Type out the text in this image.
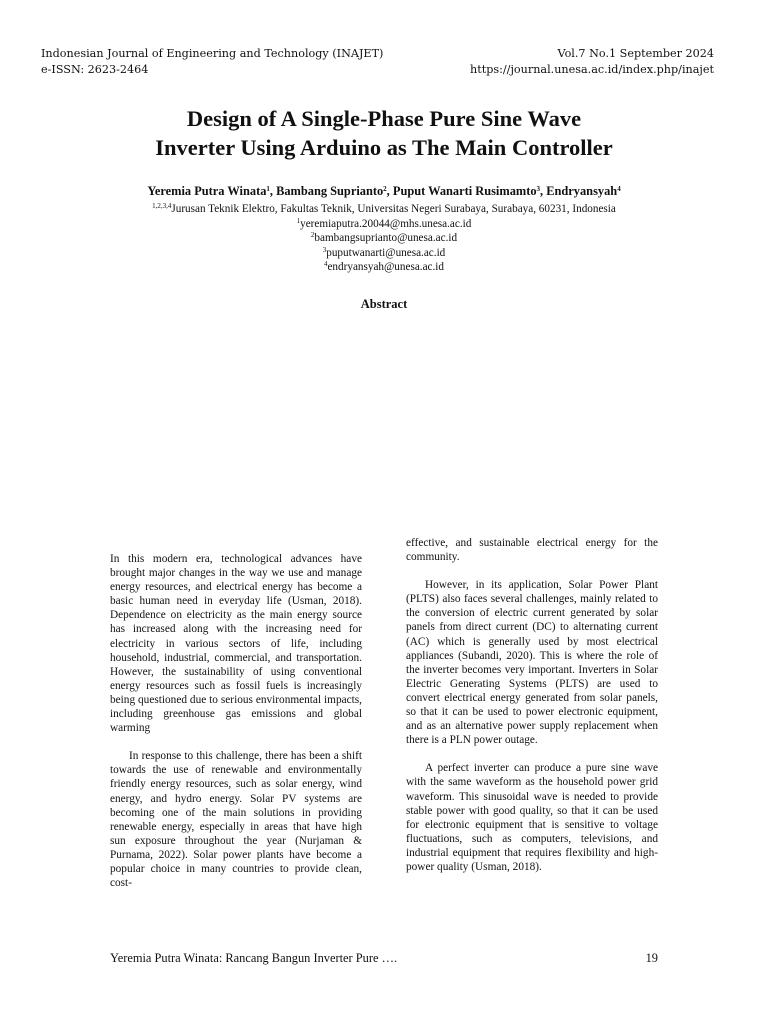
Indonesian Journal of Engineering and Technology (INAJET)
e-ISSN: 2623-2464
Vol.7 No.1 September 2024
https://journal.unesa.ac.id/index.php/inajet
Design of A Single-Phase Pure Sine Wave
Inverter Using Arduino as The Main Controller
Yeremia Putra Winata$^1$, Bambang Suprianto$^2$, Puput Wanarti Rusimamto$^3$, Endryansyah$^4$
$^{1,2,3,4}$Jurusan Teknik Elektro, Fakultas Teknik, Universitas Negeri Surabaya, Surabaya, 60231, Indonesia
$^1$yeremiaputra.20044@mhs.unesa.ac.id
$^2$bambangsuprianto@unesa.ac.id
$^3$puputwanarti@unesa.ac.id
$^4$endryansyah@unesa.ac.id
Abstract

In this modern era, technological advances have brought major changes in the way we use and manage energy resources, and electrical energy has become a basic human need in everyday life (Usman, 2018). Dependence on electricity as the main energy source has increased along with the increasing need for electricity in various sectors of life, including household, industrial, commercial, and transportation. However, the sustainability of using conventional energy resources such as fossil fuels is increasingly being questioned due to serious environmental impacts, including greenhouse gas emissions and global warming

In response to this challenge, there has been a shift towards the use of renewable and environmentally friendly energy resources, such as solar energy, wind energy, and hydro energy. Solar PV systems are becoming one of the main solutions in providing renewable energy, especially in areas that have high sun exposure throughout the year (Nurjaman & Purnama, 2022). Solar power plants have become a popular choice in many countries to provide clean, cost-

effective, and sustainable electrical energy for the community.

However, in its application, Solar Power Plant (PLTS) also faces several challenges, mainly related to the conversion of electric current generated by solar panels from direct current (DC) to alternating current (AC) which is generally used by most electrical appliances (Subandi, 2020). This is where the role of the inverter becomes very important. Inverters in Solar Electric Generating Systems (PLTS) are used to convert electrical energy generated from solar panels, so that it can be used to power electronic equipment, and as an alternative power supply replacement when there is a PLN power outage.

A perfect inverter can produce a pure sine wave with the same waveform as the household power grid waveform. This sinusoidal wave is needed to provide stable power with good quality, so that it can be used for electronic equipment that is sensitive to voltage fluctuations, such as computers, televisions, and industrial equipment that requires flexibility and high-power quality (Usman, 2018).

Yeremia Putra Winata: Rancang Bangun Inverter Pure ….	19
